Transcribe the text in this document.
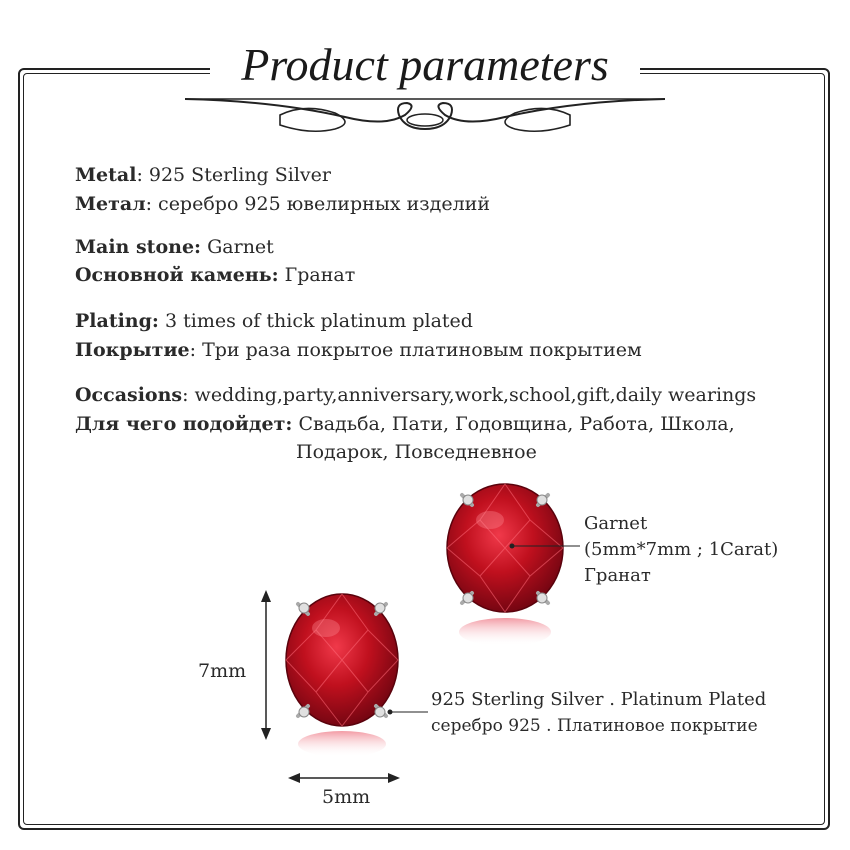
Product parameters
Metal: 925 Sterling Silver
Метал: серебро 925 ювелирных изделий
Main stone: Garnet
Основной камень: Гранат
Plating: 3 times of thick platinum plated
Покрытие: Три раза покрытое платиновым покрытием
Occasions: wedding,party,anniversary,work,school,gift,daily wearings
Для чего подойдет: Свадьба, Пати, Годовщина, Работа, Школа,
Подарок, Повседневное
Garnet
(5mm*7mm ; 1Carat)
Гранат
925 Sterling Silver . Platinum Plated
серебро 925 . Платиновое покрытие
7mm
5mm
